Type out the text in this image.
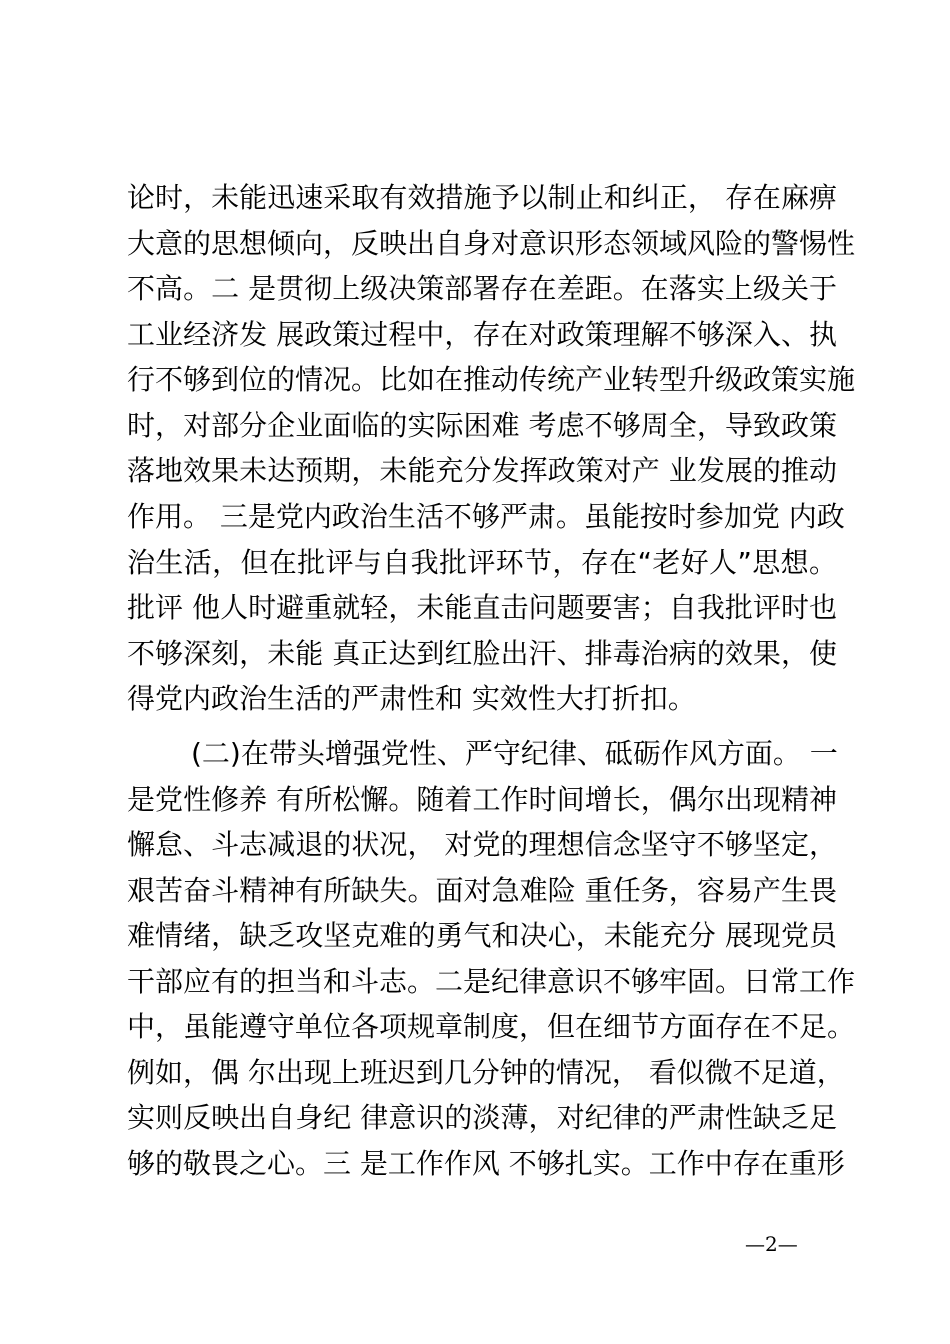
论时，未能迅速采取有效措施予以制止和纠正， 存在麻痹
大意的思想倾向，反映出自身对意识形态领域风险的警惕性
不高。二 是贯彻上级决策部署存在差距。在落实上级关于
工业经济发 展政策过程中，存在对政策理解不够深入、执
行不够到位的情况。比如在推动传统产业转型升级政策实施
时，对部分企业面临的实际困难 考虑不够周全，导致政策
落地效果未达预期，未能充分发挥政策对产 业发展的推动
作用。 三是党内政治生活不够严肃。虽能按时参加党 内政
治生活，但在批评与自我批评环节，存在“老好人”思想。
批评 他人时避重就轻，未能直击问题要害；自我批评时也
不够深刻，未能 真正达到红脸出汗、排毒治病的效果，使
得党内政治生活的严肃性和 实效性大打折扣。
(二)在带头增强党性、严守纪律、砥砺作风方面。 一
是党性修养 有所松懈。随着工作时间增长，偶尔出现精神
懈怠、斗志减退的状况， 对党的理想信念坚守不够坚定，
艰苦奋斗精神有所缺失。面对急难险 重任务，容易产生畏
难情绪，缺乏攻坚克难的勇气和决心，未能充分 展现党员
干部应有的担当和斗志。二是纪律意识不够牢固。日常工作
中，虽能遵守单位各项规章制度，但在细节方面存在不足。
例如，偶 尔出现上班迟到几分钟的情况， 看似微不足道，
实则反映出自身纪 律意识的淡薄，对纪律的严肃性缺乏足
够的敬畏之心。三 是工作作风 不够扎实。工作中存在重形
—2—
